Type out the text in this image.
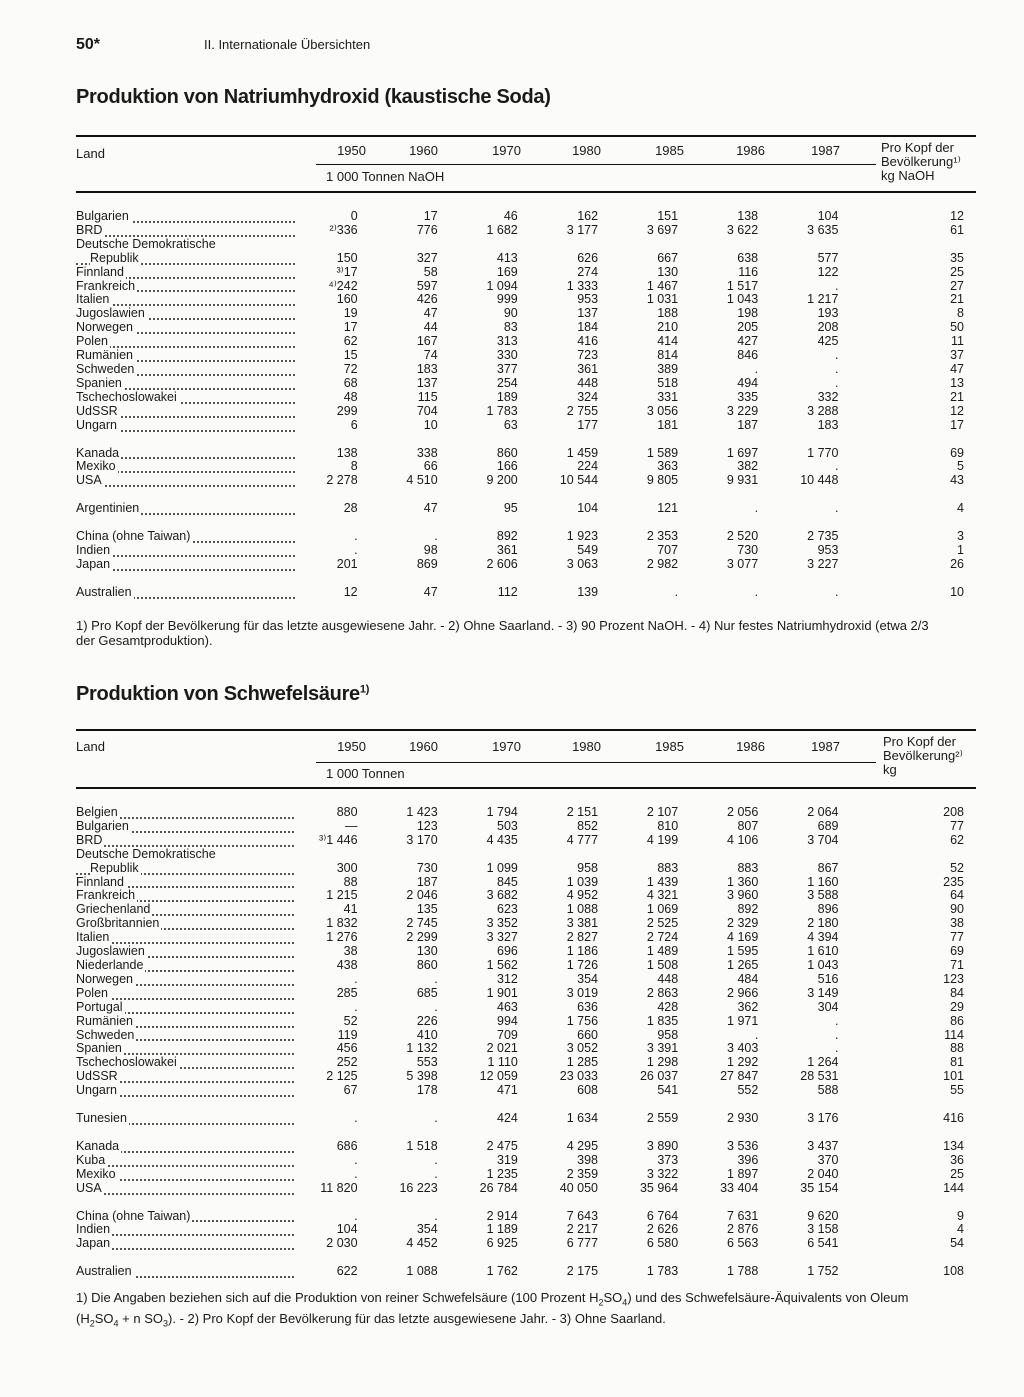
50*	II. Internationale Übersichten
Produktion von Natriumhydroxid (kaustische Soda)
Land	1950	1960	1970	1980	1985	1986	1987	Pro Kopf der
Bevölkerung¹⁾
kg NaOH
1 000 Tonnen NaOH
Bulgarien	0	17	46	162	151	138	104	12
BRD	²⁾336	776	1 682	3 177	3 697	3 622	3 635	61
Deutsche Demokratische								
Republik	150	327	413	626	667	638	577	35
Finnland	³⁾17	58	169	274	130	116	122	25
Frankreich	⁴⁾242	597	1 094	1 333	1 467	1 517	.	27
Italien	160	426	999	953	1 031	1 043	1 217	21
Jugoslawien	19	47	90	137	188	198	193	8
Norwegen	17	44	83	184	210	205	208	50
Polen	62	167	313	416	414	427	425	11
Rumänien	15	74	330	723	814	846	.	37
Schweden	72	183	377	361	389	.	.	47
Spanien	68	137	254	448	518	494	.	13
Tschechoslowakei	48	115	189	324	331	335	332	21
UdSSR	299	704	1 783	2 755	3 056	3 229	3 288	12
Ungarn	6	10	63	177	181	187	183	17

Kanada	138	338	860	1 459	1 589	1 697	1 770	69
Mexiko	8	66	166	224	363	382	.	5
USA	2 278	4 510	9 200	10 544	9 805	9 931	10 448	43

Argentinien	28	47	95	104	121	.	.	4

China (ohne Taiwan)	.	.	892	1 923	2 353	2 520	2 735	3
Indien	.	98	361	549	707	730	953	1
Japan	201	869	2 606	3 063	2 982	3 077	3 227	26

Australien	12	47	112	139	.	.	.	10
1) Pro Kopf der Bevölkerung für das letzte ausgewiesene Jahr. - 2) Ohne Saarland. - 3) 90 Prozent NaOH. - 4) Nur festes Natriumhydroxid (etwa 2/3
der Gesamtproduktion).
Produktion von Schwefelsäure$^{1)}$
Land	1950	1960	1970	1980	1985	1986	1987	Pro Kopf der
Bevölkerung²⁾
kg
1 000 Tonnen
Belgien	880	1 423	1 794	2 151	2 107	2 056	2 064	208
Bulgarien	—	123	503	852	810	807	689	77
BRD	³⁾1 446	3 170	4 435	4 777	4 199	4 106	3 704	62
Deutsche Demokratische								
Republik	300	730	1 099	958	883	883	867	52
Finnland	88	187	845	1 039	1 439	1 360	1 160	235
Frankreich	1 215	2 046	3 682	4 952	4 321	3 960	3 588	64
Griechenland	41	135	623	1 088	1 069	892	896	90
Großbritannien	1 832	2 745	3 352	3 381	2 525	2 329	2 180	38
Italien	1 276	2 299	3 327	2 827	2 724	4 169	4 394	77
Jugoslawien	38	130	696	1 186	1 489	1 595	1 610	69
Niederlande	438	860	1 562	1 726	1 508	1 265	1 043	71
Norwegen	.	.	312	354	448	484	516	123
Polen	285	685	1 901	3 019	2 863	2 966	3 149	84
Portugal	.	.	463	636	428	362	304	29
Rumänien	52	226	994	1 756	1 835	1 971	.	86
Schweden	119	410	709	660	958	.	.	114
Spanien	456	1 132	2 021	3 052	3 391	3 403	.	88
Tschechoslowakei	252	553	1 110	1 285	1 298	1 292	1 264	81
UdSSR	2 125	5 398	12 059	23 033	26 037	27 847	28 531	101
Ungarn	67	178	471	608	541	552	588	55

Tunesien	.	.	424	1 634	2 559	2 930	3 176	416

Kanada	686	1 518	2 475	4 295	3 890	3 536	3 437	134
Kuba	.	.	319	398	373	396	370	36
Mexiko	.	.	1 235	2 359	3 322	1 897	2 040	25
USA	11 820	16 223	26 784	40 050	35 964	33 404	35 154	144

China (ohne Taiwan)	.	.	2 914	7 643	6 764	7 631	9 620	9
Indien	104	354	1 189	2 217	2 626	2 876	3 158	4
Japan	2 030	4 452	6 925	6 777	6 580	6 563	6 541	54

Australien	622	1 088	1 762	2 175	1 783	1 788	1 752	108
1) Die Angaben beziehen sich auf die Produktion von reiner Schwefelsäure (100 Prozent $H_2SO_4$) und des Schwefelsäure-Äquivalents von Oleum
($H_2SO_4 + n$ $SO_3$). - 2) Pro Kopf der Bevölkerung für das letzte ausgewiesene Jahr. - 3) Ohne Saarland.
